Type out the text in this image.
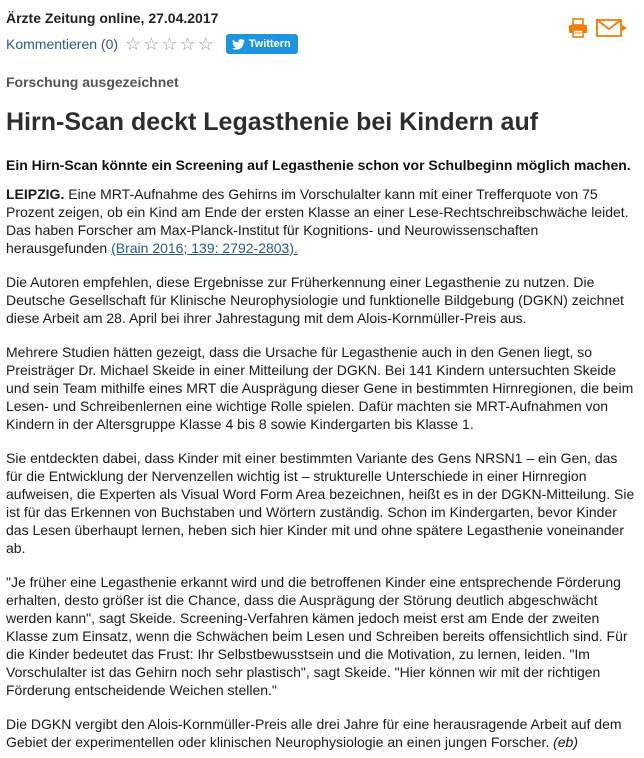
Ärzte Zeitung online, 27.04.2017
Kommentieren (0) ☆ ☆ ☆ ☆ ☆	Twittern
Forschung ausgezeichnet
Hirn-Scan deckt Legasthenie bei Kindern auf

Ein Hirn-Scan könnte ein Screening auf Legasthenie schon vor Schulbeginn möglich machen.

LEIPZIG. Eine MRT-Aufnahme des Gehirns im Vorschulalter kann mit einer Trefferquote von 75 Prozent zeigen, ob ein Kind am Ende der ersten Klasse an einer Lese-Rechtschreibschwäche leidet. Das haben Forscher am Max-Planck-Institut für Kognitions- und Neurowissenschaften herausgefunden (Brain 2016; 139: 2792-2803).

Die Autoren empfehlen, diese Ergebnisse zur Früherkennung einer Legasthenie zu nutzen. Die Deutsche Gesellschaft für Klinische Neurophysiologie und funktionelle Bildgebung (DGKN) zeichnet diese Arbeit am 28. April bei ihrer Jahrestagung mit dem Alois-Kornmüller-Preis aus.

Mehrere Studien hätten gezeigt, dass die Ursache für Legasthenie auch in den Genen liegt, so Preisträger Dr. Michael Skeide in einer Mitteilung der DGKN. Bei 141 Kindern untersuchten Skeide und sein Team mithilfe eines MRT die Ausprägung dieser Gene in bestimmten Hirnregionen, die beim Lesen- und Schreibenlernen eine wichtige Rolle spielen. Dafür machten sie MRT-Aufnahmen von Kindern in der Altersgruppe Klasse 4 bis 8 sowie Kindergarten bis Klasse 1.

Sie entdeckten dabei, dass Kinder mit einer bestimmten Variante des Gens NRSN1 – ein Gen, das für die Entwicklung der Nervenzellen wichtig ist – strukturelle Unterschiede in einer Hirnregion aufweisen, die Experten als Visual Word Form Area bezeichnen, heißt es in der DGKN-Mitteilung. Sie ist für das Erkennen von Buchstaben und Wörtern zuständig. Schon im Kindergarten, bevor Kinder das Lesen überhaupt lernen, heben sich hier Kinder mit und ohne spätere Legasthenie voneinander ab.

"Je früher eine Legasthenie erkannt wird und die betroffenen Kinder eine entsprechende Förderung erhalten, desto größer ist die Chance, dass die Ausprägung der Störung deutlich abgeschwächt werden kann", sagt Skeide. Screening-Verfahren kämen jedoch meist erst am Ende der zweiten Klasse zum Einsatz, wenn die Schwächen beim Lesen und Schreiben bereits offensichtlich sind. Für die Kinder bedeutet das Frust: Ihr Selbstbewusstsein und die Motivation, zu lernen, leiden. "Im Vorschulalter ist das Gehirn noch sehr plastisch", sagt Skeide. "Hier können wir mit der richtigen Förderung entscheidende Weichen stellen."

Die DGKN vergibt den Alois-Kornmüller-Preis alle drei Jahre für eine herausragende Arbeit auf dem Gebiet der experimentellen oder klinischen Neurophysiologie an einen jungen Forscher. (eb)
